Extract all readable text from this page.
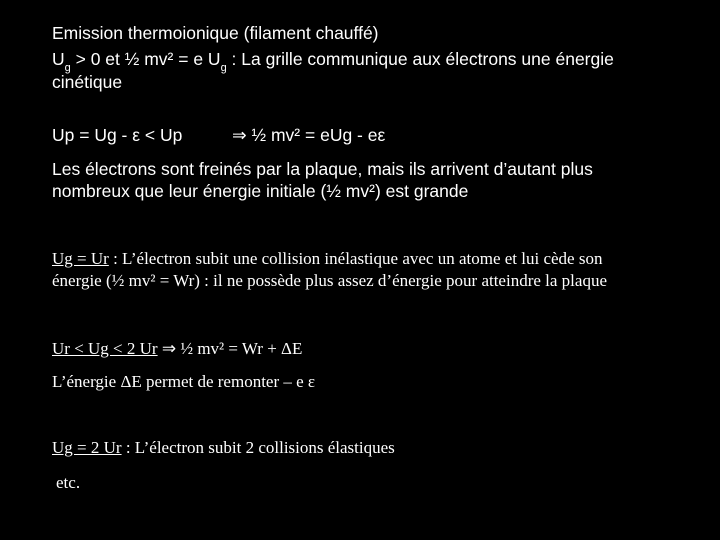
Emission thermoionique (filament chauffé)
$U_g > 0$ et ½ mv² = e $U_g$ : La grille communique aux électrons une énergie
cinétique
Up = Ug - ε < Up	⇒ ½ mv² = eUg - eε
Les électrons sont freinés par la plaque, mais ils arrivent d’autant plus
nombreux que leur énergie initiale (½ mv²) est grande
Ug = Ur : L’électron subit une collision inélastique avec un atome et lui cède son
énergie (½ mv² = Wr) : il ne possède plus assez d’énergie pour atteindre la plaque
Ur < Ug < 2 Ur ⇒ ½ mv² = Wr + ΔE
L’énergie ΔE permet de remonter – e ε
Ug = 2 Ur : L’électron subit 2 collisions élastiques
etc.
